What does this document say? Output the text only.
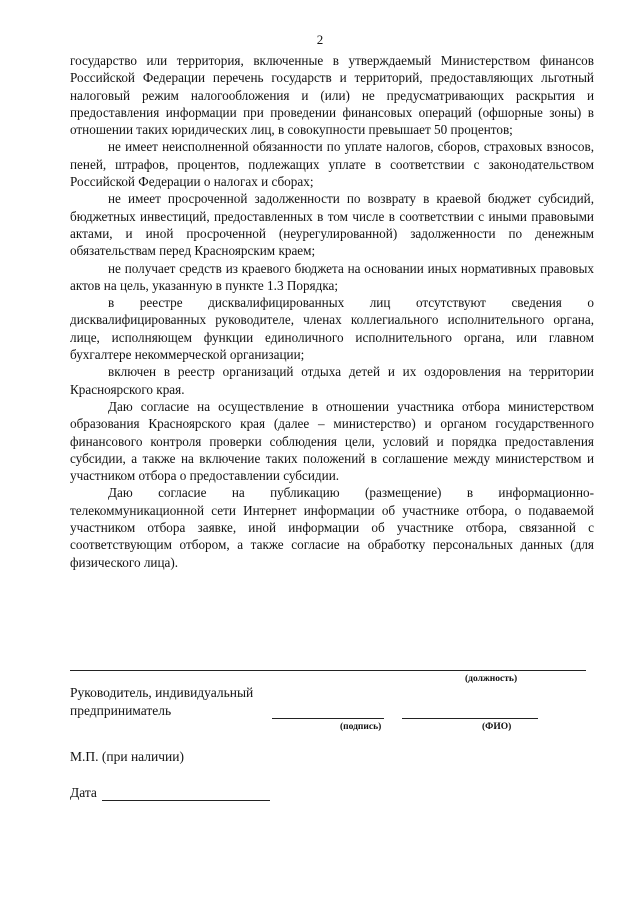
2

государство или территория, включенные в утверждаемый Министерством финансов Российской Федерации перечень государств и территорий, предоставляющих льготный налоговый режим налогообложения и (или) не предусматривающих раскрытия и предоставления информации при проведении финансовых операций (офшорные зоны) в отношении таких юридических лиц, в совокупности превышает 50 процентов;

не имеет неисполненной обязанности по уплате налогов, сборов, страховых взносов, пеней, штрафов, процентов, подлежащих уплате в соответствии с законодательством Российской Федерации о налогах и сборах;

не имеет просроченной задолженности по возврату в краевой бюджет субсидий, бюджетных инвестиций, предоставленных в том числе в соответствии с иными правовыми актами, и иной просроченной (неурегулированной) задолженности по денежным обязательствам перед Красноярским краем;

не получает средств из краевого бюджета на основании иных нормативных правовых актов на цель, указанную в пункте 1.3 Порядка;

в реестре дисквалифицированных лиц отсутствуют сведения о дисквалифицированных руководителе, членах коллегиального исполнительного органа, лице, исполняющем функции единоличного исполнительного органа, или главном бухгалтере некоммерческой организации;

включен в реестр организаций отдыха детей и их оздоровления на территории Красноярского края.

Даю согласие на осуществление в отношении участника отбора министерством образования Красноярского края (далее – министерство) и органом государственного финансового контроля проверки соблюдения цели, условий и порядка предоставления субсидии, а также на включение таких положений в соглашение между министерством и участником отбора о предоставлении субсидии.

Даю согласие на публикацию (размещение) в информационно-телекоммуникационной сети Интернет информации об участнике отбора, о подаваемой участником отбора заявке, иной информации об участнике отбора, связанной с соответствующим отбором, а также согласие на обработку персональных данных (для физического лица).

(должность)
Руководитель, индивидуальный
предприниматель
(подпись)	(ФИО)
М.П. (при наличии)
Дата
